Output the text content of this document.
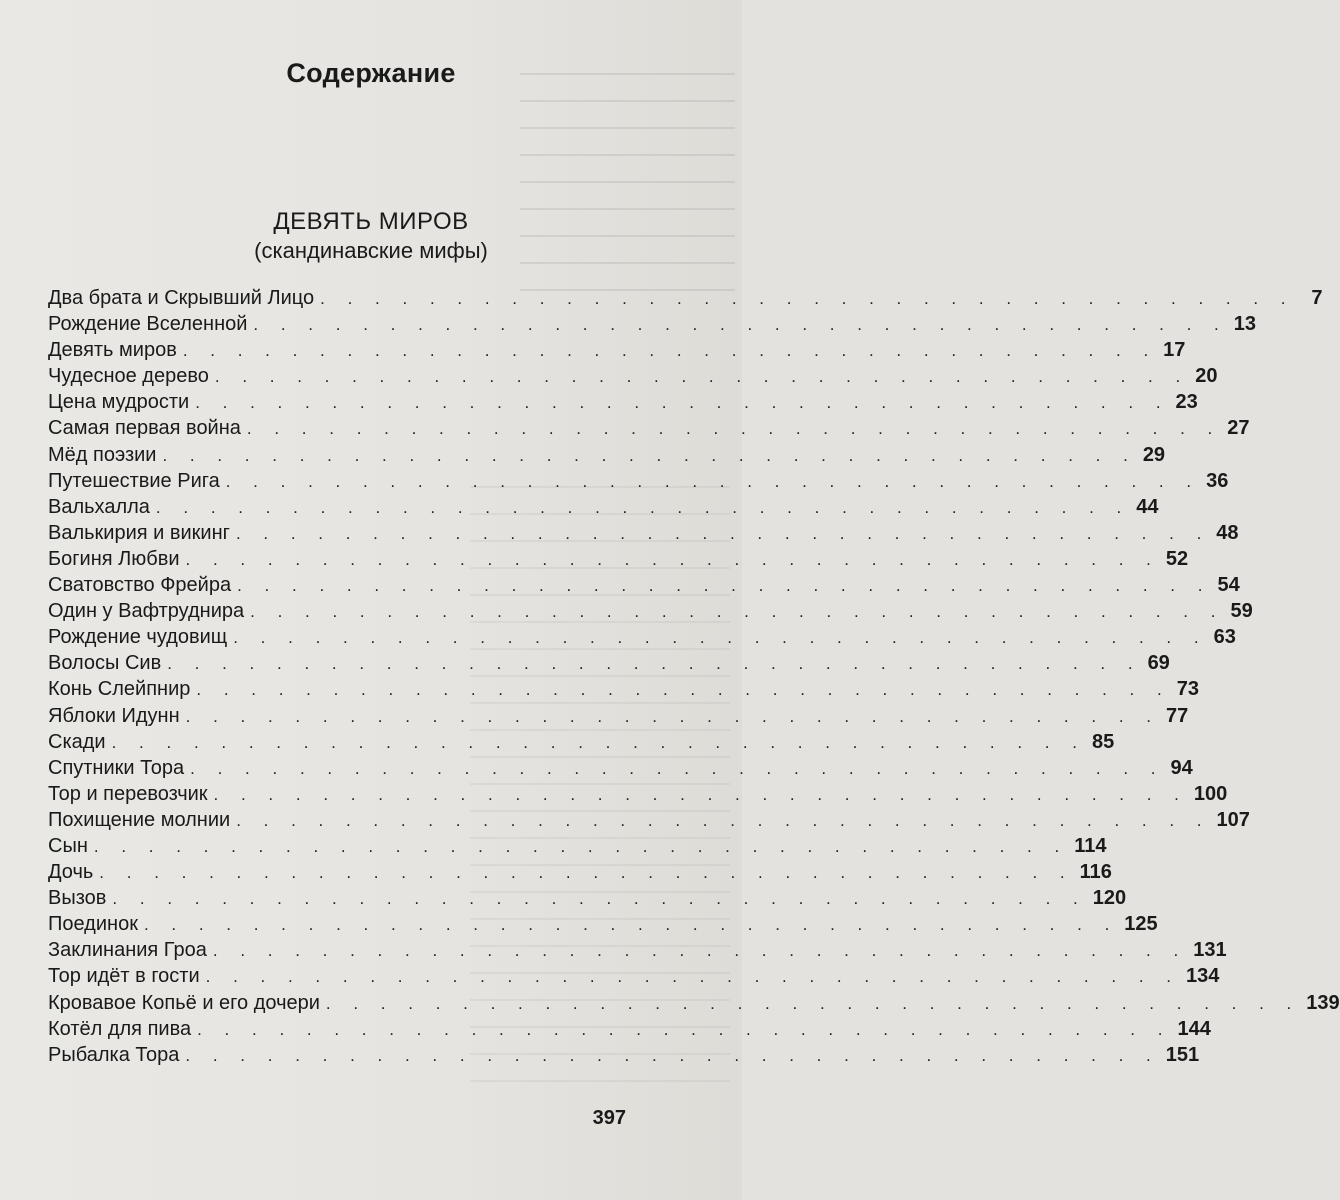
Содержание
ДЕВЯТЬ МИРОВ
(скандинавские мифы)
Два брата и Скрывший Лицо . . . . . . . . . . . . . . . . . . . . . . . . . . . . . . . . . . . . 7
Рождение Вселенной . . . . . . . . . . . . . . . . . . . . . . . . . . . . . . . . . . . . 13
Девять миров . . . . . . . . . . . . . . . . . . . . . . . . . . . . . . . . . . . . 17
Чудесное дерево . . . . . . . . . . . . . . . . . . . . . . . . . . . . . . . . . . . . 20
Цена мудрости . . . . . . . . . . . . . . . . . . . . . . . . . . . . . . . . . . . . 23
Самая первая война . . . . . . . . . . . . . . . . . . . . . . . . . . . . . . . . . . . . 27
Мёд поэзии . . . . . . . . . . . . . . . . . . . . . . . . . . . . . . . . . . . . 29
Путешествие Рига . . . . . . . . . . . . . . . . . . . . . . . . . . . . . . . . . . . . 36
Вальхалла . . . . . . . . . . . . . . . . . . . . . . . . . . . . . . . . . . . . 44
Валькирия и викинг . . . . . . . . . . . . . . . . . . . . . . . . . . . . . . . . . . . . 48
Богиня Любви . . . . . . . . . . . . . . . . . . . . . . . . . . . . . . . . . . . . 52
Сватовство Фрейра . . . . . . . . . . . . . . . . . . . . . . . . . . . . . . . . . . . . 54
Один у Вафтруднира . . . . . . . . . . . . . . . . . . . . . . . . . . . . . . . . . . . . 59
Рождение чудовищ . . . . . . . . . . . . . . . . . . . . . . . . . . . . . . . . . . . . 63
Волосы Сив . . . . . . . . . . . . . . . . . . . . . . . . . . . . . . . . . . . . 69
Конь Слейпнир . . . . . . . . . . . . . . . . . . . . . . . . . . . . . . . . . . . . 73
Яблоки Идунн . . . . . . . . . . . . . . . . . . . . . . . . . . . . . . . . . . . . 77
Скади . . . . . . . . . . . . . . . . . . . . . . . . . . . . . . . . . . . . 85
Спутники Тора . . . . . . . . . . . . . . . . . . . . . . . . . . . . . . . . . . . . 94
Тор и перевозчик . . . . . . . . . . . . . . . . . . . . . . . . . . . . . . . . . . . . 100
Похищение молнии . . . . . . . . . . . . . . . . . . . . . . . . . . . . . . . . . . . . 107
Сын . . . . . . . . . . . . . . . . . . . . . . . . . . . . . . . . . . . . 114
Дочь . . . . . . . . . . . . . . . . . . . . . . . . . . . . . . . . . . . . 116
Вызов . . . . . . . . . . . . . . . . . . . . . . . . . . . . . . . . . . . . 120
Поединок . . . . . . . . . . . . . . . . . . . . . . . . . . . . . . . . . . . . 125
Заклинания Гроа . . . . . . . . . . . . . . . . . . . . . . . . . . . . . . . . . . . . 131
Тор идёт в гости . . . . . . . . . . . . . . . . . . . . . . . . . . . . . . . . . . . . 134
Кровавое Копьё и его дочери . . . . . . . . . . . . . . . . . . . . . . . . . . . . . . . . . . . . 139
Котёл для пива . . . . . . . . . . . . . . . . . . . . . . . . . . . . . . . . . . . . 144
Рыбалка Тора . . . . . . . . . . . . . . . . . . . . . . . . . . . . . . . . . . . . 151
397
